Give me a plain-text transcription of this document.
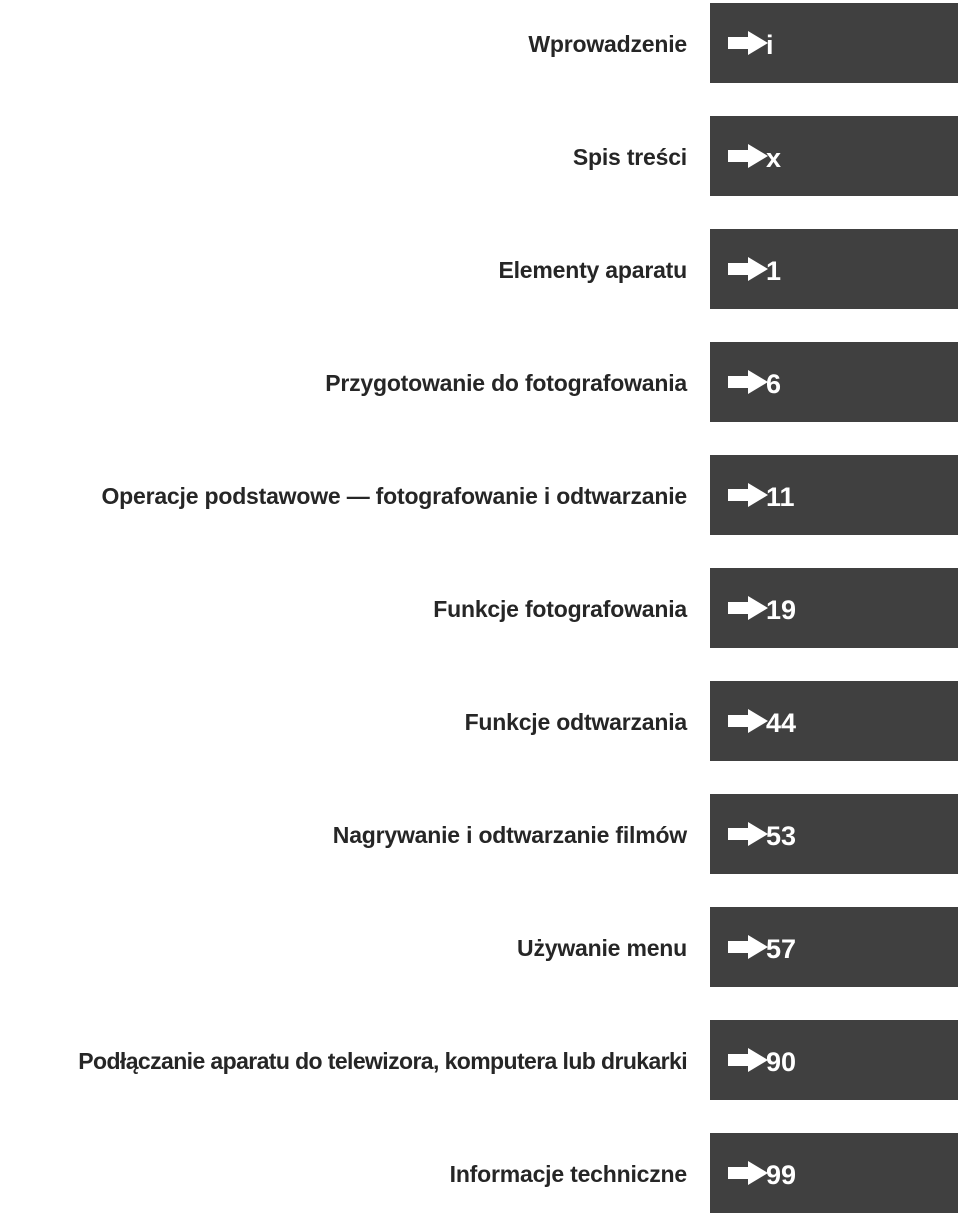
Wprowadzenie	i
Spis treści	x
Elementy aparatu	1
Przygotowanie do fotografowania	6
Operacje podstawowe — fotografowanie i odtwarzanie	11
Funkcje fotografowania	19
Funkcje odtwarzania	44
Nagrywanie i odtwarzanie filmów	53
Używanie menu	57
Podłączanie aparatu do telewizora, komputera lub drukarki	90
Informacje techniczne	99
